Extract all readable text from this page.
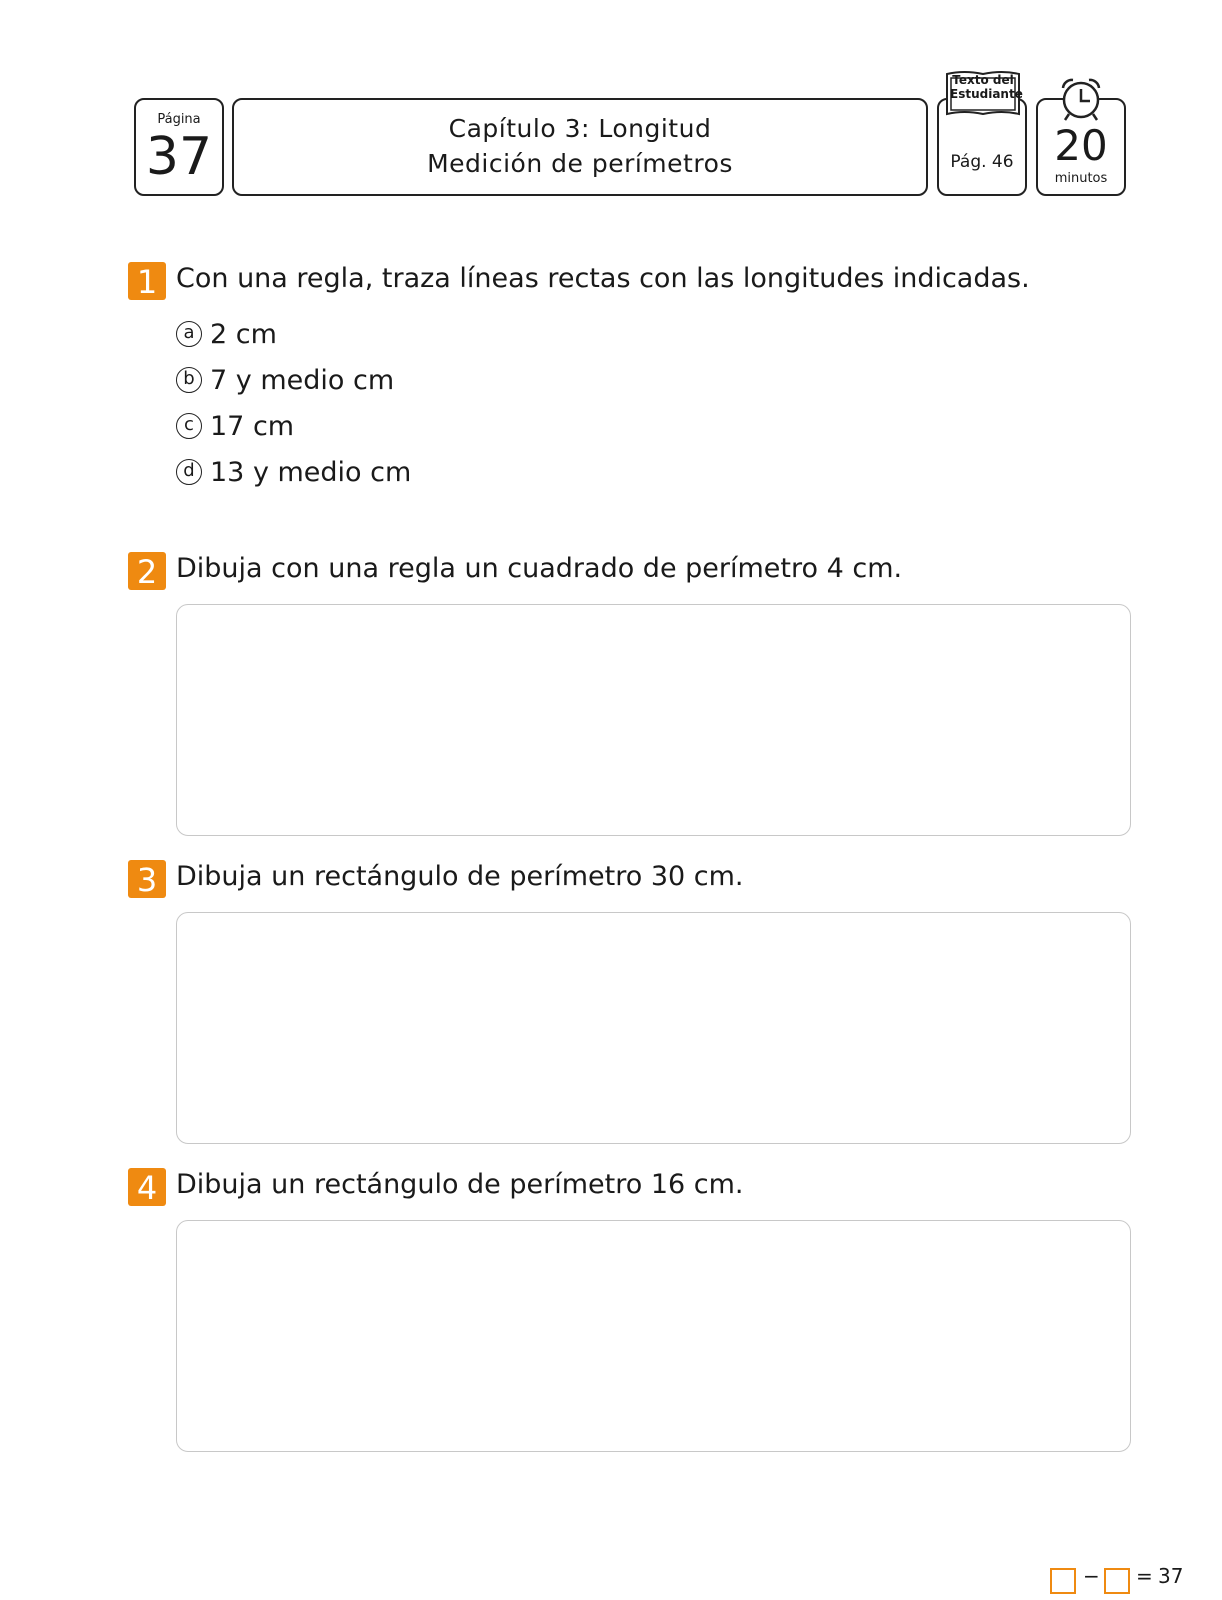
Página
37	Capítulo 3: Longitud
Medición de perímetros	Pág. 46
Texto del Estudiante
20
minutos
1 Con una regla, traza líneas rectas con las longitudes indicadas.
a 2 cm
b 7 y medio cm
c 17 cm
d 13 y medio cm
2 Dibuja con una regla un cuadrado de perímetro 4 cm.
3 Dibuja un rectángulo de perímetro 30 cm.
4 Dibuja un rectángulo de perímetro 16 cm.
− = 37
